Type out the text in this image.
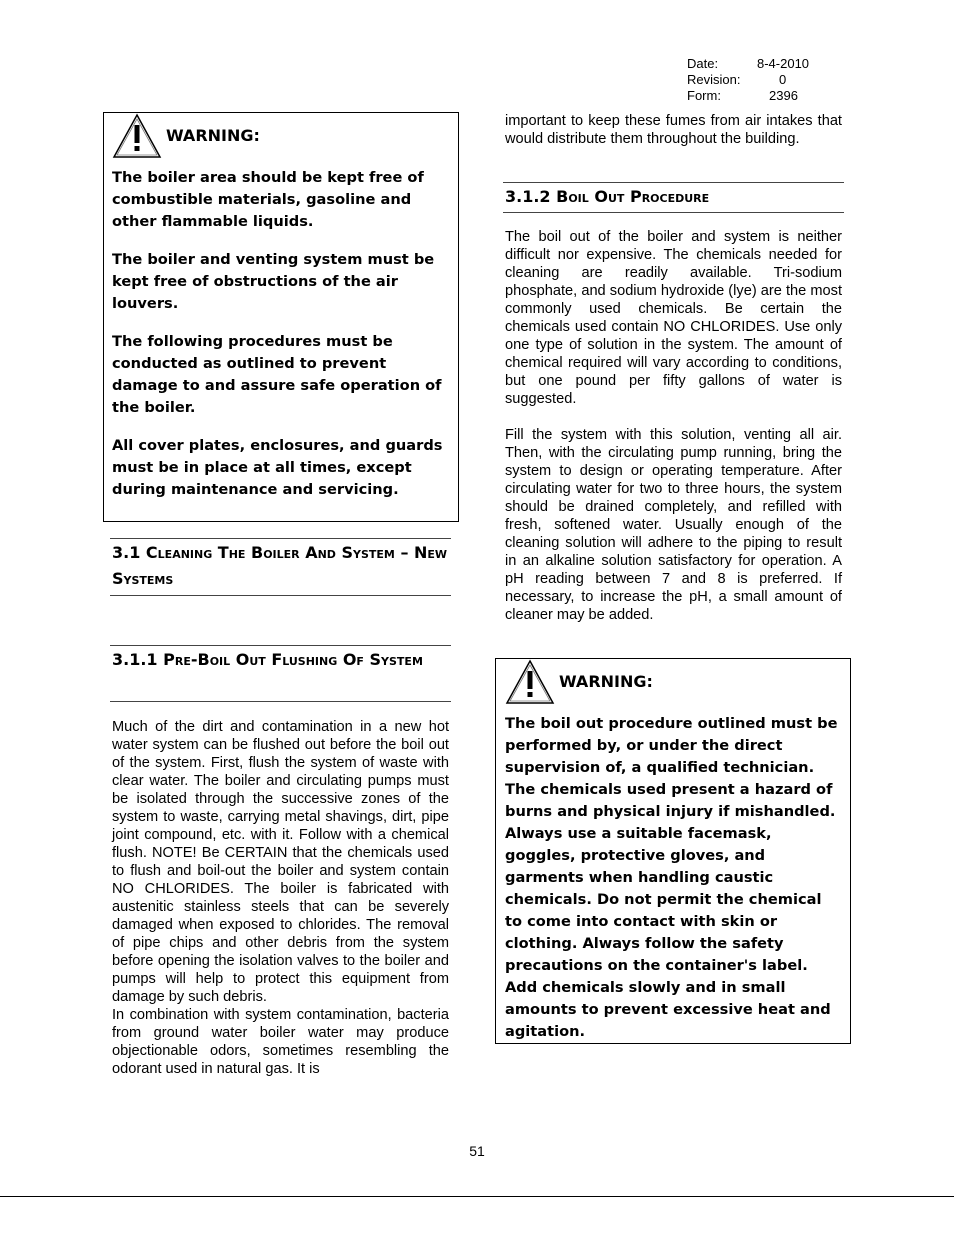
Date:	8-4-2010
Revision:	0
Form:	2396
WARNING:

The boiler area should be kept free of combustible materials, gasoline and other flammable liquids.

The boiler and venting system must be kept free of obstructions of the air louvers.

The following procedures must be conducted as outlined to prevent damage to and assure safe operation of the boiler.

All cover plates, enclosures, and guards must be in place at all times, except during maintenance and servicing.

3.1 Cleaning The Boiler And System – New Systems
3.1.1 Pre-Boil Out Flushing Of System

Much of the dirt and contamination in a new hot water system can be flushed out before the boil out of the system. First, flush the system of waste with clear water. The boiler and circulating pumps must be isolated through the successive zones of the system to waste, carrying metal shavings, dirt, pipe joint compound, etc. with it. Follow with a chemical flush. NOTE! Be CERTAIN that the chemicals used to flush and boil-out the boiler and system contain NO CHLORIDES. The boiler is fabricated with austenitic stainless steels that can be severely damaged when exposed to chlorides. The removal of pipe chips and other debris from the system before opening the isolation valves to the boiler and pumps will help to protect this equipment from damage by such debris.

In combination with system contamination, bacteria from ground water boiler water may produce objectionable odors, sometimes resembling the odorant used in natural gas. It is

important to keep these fumes from air intakes that would distribute them throughout the building.

3.1.2 Boil Out Procedure

The boil out of the boiler and system is neither difficult nor expensive. The chemicals needed for cleaning are readily available. Tri-sodium phosphate, and sodium hydroxide (lye) are the most commonly used chemicals. Be certain the chemicals used contain NO CHLORIDES. Use only one type of solution in the system. The amount of chemical required will vary according to conditions, but one pound per fifty gallons of water is suggested.

Fill the system with this solution, venting all air. Then, with the circulating pump running, bring the system to design or operating temperature. After circulating water for two to three hours, the system should be drained completely, and refilled with fresh, softened water. Usually enough of the cleaning solution will adhere to the piping to result in an alkaline solution satisfactory for operation. A pH reading between 7 and 8 is preferred. If necessary, to increase the pH, a small amount of cleaner may be added.

WARNING:

The boil out procedure outlined must be performed by, or under the direct supervision of, a qualified technician. The chemicals used present a hazard of burns and physical injury if mishandled. Always use a suitable facemask, goggles, protective gloves, and garments when handling caustic chemicals. Do not permit the chemical to come into contact with skin or clothing. Always follow the safety precautions on the container's label. Add chemicals slowly and in small amounts to prevent excessive heat and agitation.

51
